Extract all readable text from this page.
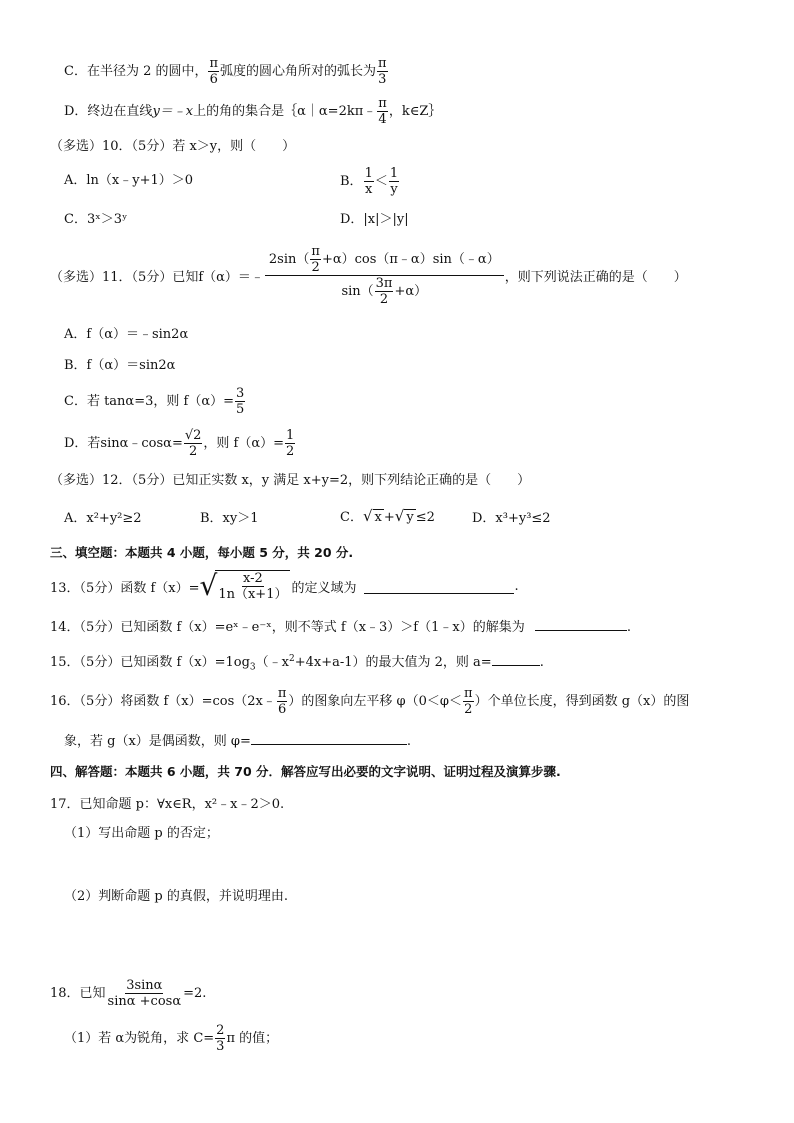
C．在半径为 2 的圆中， $\frac{\pi}{6}$ 弧度的圆心角所对的弧长为 $\frac{\pi}{3}$
D．终边在直线y＝﹣x上的角的集合是｛α｜α=2kπ﹣ $\frac{\pi}{4}$ ，k∈Z｝
（多选）10．（5分）若 x＞y，则（　　）
A．ln（x﹣y+1）＞0	B． $\frac{1}{x} < \frac{1}{y}$
C．3ˣ＞3ʸ	D．|x|＞|y|
（多选）11．（5分）已知f（α）＝﹣ $\frac{2\sin( \frac{\pi}{2} +\alpha)\cos(\pi﹣\alpha)\sin(﹣\alpha)}{\sin( \frac{3\pi}{2} +\alpha)}$ ，则下列说法正确的是（　　）
A．f（α）＝﹣sin2α
B．f（α）＝sin2α
C．若 tanα=3，则 $f(\alpha)= \frac{3}{5}$
D．若sinα﹣cosα= $\frac{√2}{2}$ ，则 $f(\alpha)= \frac{1}{2}$
（多选）12．（5分）已知正实数 x，y 满足 x+y=2，则下列结论正确的是（　　）
A．x²+y²≥2	B．xy＞1	C．√ x +√ y ≤2	D．x³+y³≤2
三、填空题：本题共 4 小题，每小题 5 分，共 20 分.
13．（5分）函数 f（x）= √
$\frac{x-2}{1n(x+1)}$ 的定义域为	.
14．（5分）已知函数 f（x）=eˣ﹣e⁻ˣ，则不等式 f（x﹣3）＞f（1﹣x）的解集为	.
15．（5分）已知函数 $f(x)=1og_3(﹣x^2+4x+a-1)$的最大值为 2，则 a=	.
16．（5分）将函数 f（x）=cos（2x﹣ $\frac{\pi}{6}$ ）的图象向左平移 $\varphi(0<\varphi< \frac{\pi}{2}$ ）个单位长度，得到函数 g（x）的图
象，若 g（x）是偶函数，则 φ=	.
四、解答题：本题共 6 小题，共 70 分．解答应写出必要的文字说明、证明过程及演算步骤.
17．已知命题 p：∀x∈R，x²﹣x﹣2＞0.
（1）写出命题 p 的否定；
（2）判断命题 p 的真假，并说明理由.
18．已知 $\frac{3\sin\alpha}{\sin\alpha +\cos\alpha} =2$.
（1）若 α为锐角，求 $C= \frac{2}{3}$ π 的值；
